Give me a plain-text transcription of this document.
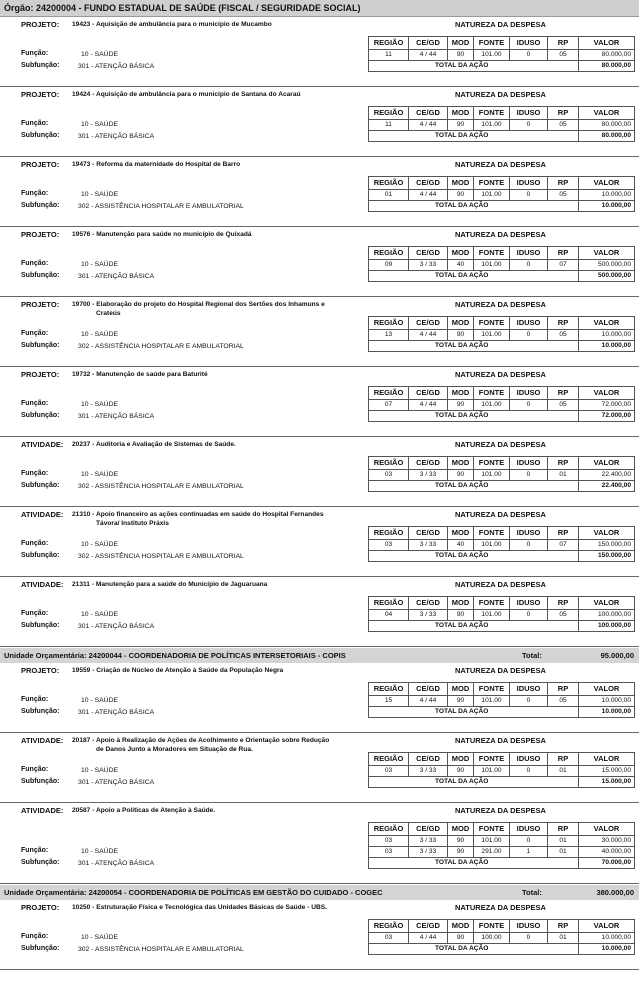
Órgão: 24200004 - FUNDO ESTADUAL DE SAÚDE (FISCAL / SEGURIDADE SOCIAL)
PROJETO: 19423 - Aquisição de ambulância para o município de Mucambo	NATUREZA DA DESPESA
REGIÃO	CE/GD	MOD	FONTE	IDUSO	RP	VALOR
11	4 / 44	90	101.00	0	05	80.000,00
TOTAL DA AÇÃO						80.000,00
Função:	10 - SAÚDE
Subfunção:	301 - ATENÇÃO BÁSICA
PROJETO: 19424 - Aquisição de ambulância para o município de Santana do Acaraú	NATUREZA DA DESPESA
REGIÃO	CE/GD	MOD	FONTE	IDUSO	RP	VALOR
11	4 / 44	90	101.00	0	05	80.000,00
TOTAL DA AÇÃO						80.000,00
Função:	10 - SAÚDE
Subfunção:	301 - ATENÇÃO BÁSICA
PROJETO: 19473 - Reforma da maternidade do Hospital de Barro	NATUREZA DA DESPESA
REGIÃO	CE/GD	MOD	FONTE	IDUSO	RP	VALOR
01	4 / 44	90	101.00	0	05	10.000,00
TOTAL DA AÇÃO						10.000,00
Função:	10 - SAÚDE
Subfunção:	302 - ASSISTÊNCIA HOSPITALAR E AMBULATORIAL
PROJETO: 19576 - Manutenção para saúde no município de Quixadá	NATUREZA DA DESPESA
REGIÃO	CE/GD	MOD	FONTE	IDUSO	RP	VALOR
09	3 / 33	40	101.00	0	07	500.000,00
TOTAL DA AÇÃO						500.000,00
Função:	10 - SAÚDE
Subfunção:	301 - ATENÇÃO BÁSICA
PROJETO: 19700 - Elaboração do projeto do Hospital Regional dos Sertões dos Inhamuns e
Crateús
NATUREZA DA DESPESA
REGIÃO	CE/GD	MOD	FONTE	IDUSO	RP	VALOR
13	4 / 44	90	101.00	0	05	10.000,00
TOTAL DA AÇÃO						10.000,00
Função:	10 - SAÚDE
Subfunção:	302 - ASSISTÊNCIA HOSPITALAR E AMBULATORIAL
PROJETO: 19732 - Manutenção de saúde para Baturité	NATUREZA DA DESPESA
REGIÃO	CE/GD	MOD	FONTE	IDUSO	RP	VALOR
07	4 / 44	90	101.00	0	05	72.000,00
TOTAL DA AÇÃO						72.000,00
Função:	10 - SAÚDE
Subfunção:	301 - ATENÇÃO BÁSICA
ATIVIDADE: 20237 - Auditoria e Avaliação de Sistemas de Saúde.	NATUREZA DA DESPESA
REGIÃO	CE/GD	MOD	FONTE	IDUSO	RP	VALOR
03	3 / 33	90	101.00	0	01	22.400,00
TOTAL DA AÇÃO						22.400,00
Função:	10 - SAÚDE
Subfunção:	302 - ASSISTÊNCIA HOSPITALAR E AMBULATORIAL
ATIVIDADE: 21310 - Apoio financeiro as ações continuadas em saúde do Hospital Fernandes
Távora/ Instituto Práxis
NATUREZA DA DESPESA
REGIÃO	CE/GD	MOD	FONTE	IDUSO	RP	VALOR
03	3 / 33	40	101.00	0	07	150.000,00
TOTAL DA AÇÃO						150.000,00
Função:	10 - SAÚDE
Subfunção:	302 - ASSISTÊNCIA HOSPITALAR E AMBULATORIAL
ATIVIDADE: 21311 - Manutenção para a saúde do Município de Jaguaruana	NATUREZA DA DESPESA
REGIÃO	CE/GD	MOD	FONTE	IDUSO	RP	VALOR
04	3 / 33	90	101.00	0	05	100.000,00
TOTAL DA AÇÃO						100.000,00
Função:	10 - SAÚDE
Subfunção:	301 - ATENÇÃO BÁSICA
Unidade Orçamentária: 24200044 - COORDENADORIA DE POLÍTICAS INTERSETORIAIS - COPIS	Total:	95.000,00
PROJETO: 19559 - Criação de Núcleo de Atenção à Saúde da População Negra	NATUREZA DA DESPESA
REGIÃO	CE/GD	MOD	FONTE	IDUSO	RP	VALOR
15	4 / 44	90	101.00	0	05	10.000,00
TOTAL DA AÇÃO						10.000,00
Função:	10 - SAÚDE
Subfunção:	301 - ATENÇÃO BÁSICA
ATIVIDADE: 20187 - Apoio à Realização de Ações de Acolhimento e Orientação sobre Redução
de Danos Junto a Moradores em Situação de Rua.
NATUREZA DA DESPESA
REGIÃO	CE/GD	MOD	FONTE	IDUSO	RP	VALOR
03	3 / 33	90	101.00	0	01	15.000,00
TOTAL DA AÇÃO						15.000,00
Função:	10 - SAÚDE
Subfunção:	301 - ATENÇÃO BÁSICA
ATIVIDADE: 20587 - Apoio a Políticas de Atenção à Saúde.	NATUREZA DA DESPESA
REGIÃO	CE/GD	MOD	FONTE	IDUSO	RP	VALOR
03	3 / 33	90	101.00	0	01	30.000,00
03	3 / 33	90	291.00	1	01	40.000,00
TOTAL DA AÇÃO						70.000,00
Função:	10 - SAÚDE
Subfunção:	301 - ATENÇÃO BÁSICA
Unidade Orçamentária: 24200054 - COORDENADORIA DE POLÍTICAS EM GESTÃO DO CUIDADO - COGEC	Total:	380.000,00
PROJETO: 10250 - Estruturação Física e Tecnológica das Unidades Básicas de Saúde - UBS.	NATUREZA DA DESPESA
REGIÃO	CE/GD	MOD	FONTE	IDUSO	RP	VALOR
03	4 / 44	90	100.00	0	01	10.000,00
TOTAL DA AÇÃO						10.000,00
Função:	10 - SAÚDE
Subfunção:	302 - ASSISTÊNCIA HOSPITALAR E AMBULATORIAL
